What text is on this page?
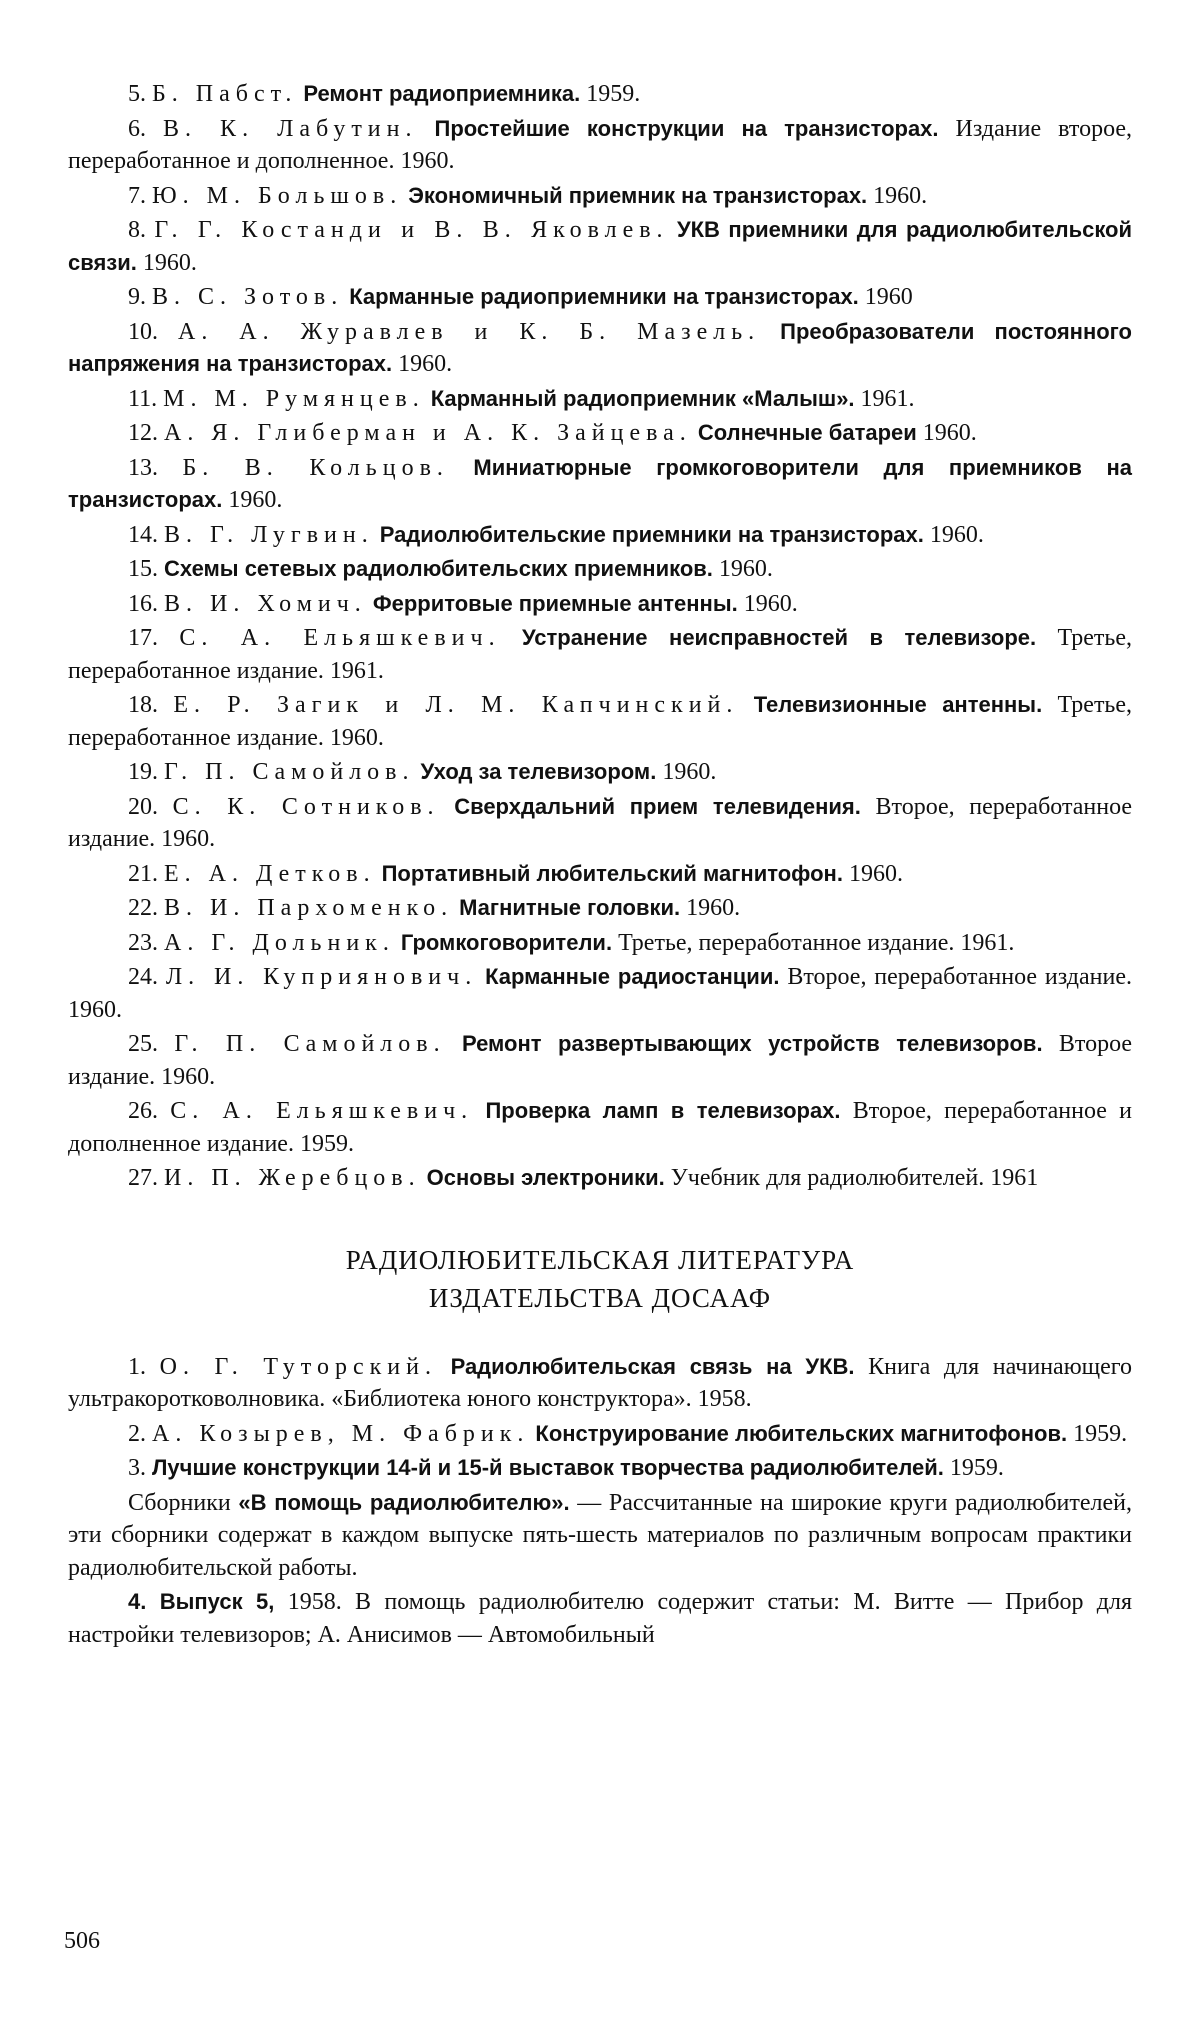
5. Б. Пабст. Ремонт радиоприемника. 1959.

6. В. К. Лабутин. Простейшие конструкции на транзисторах. Издание второе, переработанное и дополненное. 1960.

7. Ю. М. Большов. Экономичный приемник на транзисторах. 1960.

8. Г. Г. Костанди и В. В. Яковлев. УКВ приемники для радиолюбительской связи. 1960.

9. В. С. Зотов. Карманные радиоприемники на транзисторах. 1960

10. А. А. Журавлев и К. Б. Мазель. Преобразователи постоянного напряжения на транзисторах. 1960.

11. М. М. Румянцев. Карманный радиоприемник «Малыш». 1961.

12. А. Я. Глиберман и А. К. Зайцева. Солнечные батареи 1960.

13. Б. В. Кольцов. Миниатюрные громкоговорители для приемников на транзисторах. 1960.

14. В. Г. Лугвин. Радиолюбительские приемники на транзисторах. 1960.

15. Схемы сетевых радиолюбительских приемников. 1960.

16. В. И. Хомич. Ферритовые приемные антенны. 1960.

17. С. А. Ельяшкевич. Устранение неисправностей в телевизоре. Третье, переработанное издание. 1961.

18. Е. Р. Загик и Л. М. Капчинский. Телевизионные антенны. Третье, переработанное издание. 1960.

19. Г. П. Самойлов. Уход за телевизором. 1960.

20. С. К. Сотников. Сверхдальний прием телевидения. Второе, переработанное издание. 1960.

21. Е. А. Детков. Портативный любительский магнитофон. 1960.

22. В. И. Пархоменко. Магнитные головки. 1960.

23. А. Г. Дольник. Громкоговорители. Третье, переработанное издание. 1961.

24. Л. И. Куприянович. Карманные радиостанции. Второе, переработанное издание. 1960.

25. Г. П. Самойлов. Ремонт развертывающих устройств телевизоров. Второе издание. 1960.

26. С. А. Ельяшкевич. Проверка ламп в телевизорах. Второе, переработанное и дополненное издание. 1959.

27. И. П. Жеребцов. Основы электроники. Учебник для радиолюбителей. 1961

РАДИОЛЮБИТЕЛЬСКАЯ ЛИТЕРАТУРА
ИЗДАТЕЛЬСТВА ДОСААФ

1. О. Г. Туторский. Радиолюбительская связь на УКВ. Книга для начинающего ультракоротковолновика. «Библиотека юного конструктора». 1958.

2. А. Козырев, М. Фабрик. Конструирование любительских магнитофонов. 1959.

3. Лучшие конструкции 14-й и 15-й выставок творчества радиолюбителей. 1959.

Сборники «В помощь радиолюбителю». — Рассчитанные на широкие круги радиолюбителей, эти сборники содержат в каждом выпуске пять-шесть материалов по различным вопросам практики радиолюбительской работы.

4. Выпуск 5, 1958. В помощь радиолюбителю содержит статьи: М. Витте — Прибор для настройки телевизоров; А. Анисимов — Автомобильный

506
